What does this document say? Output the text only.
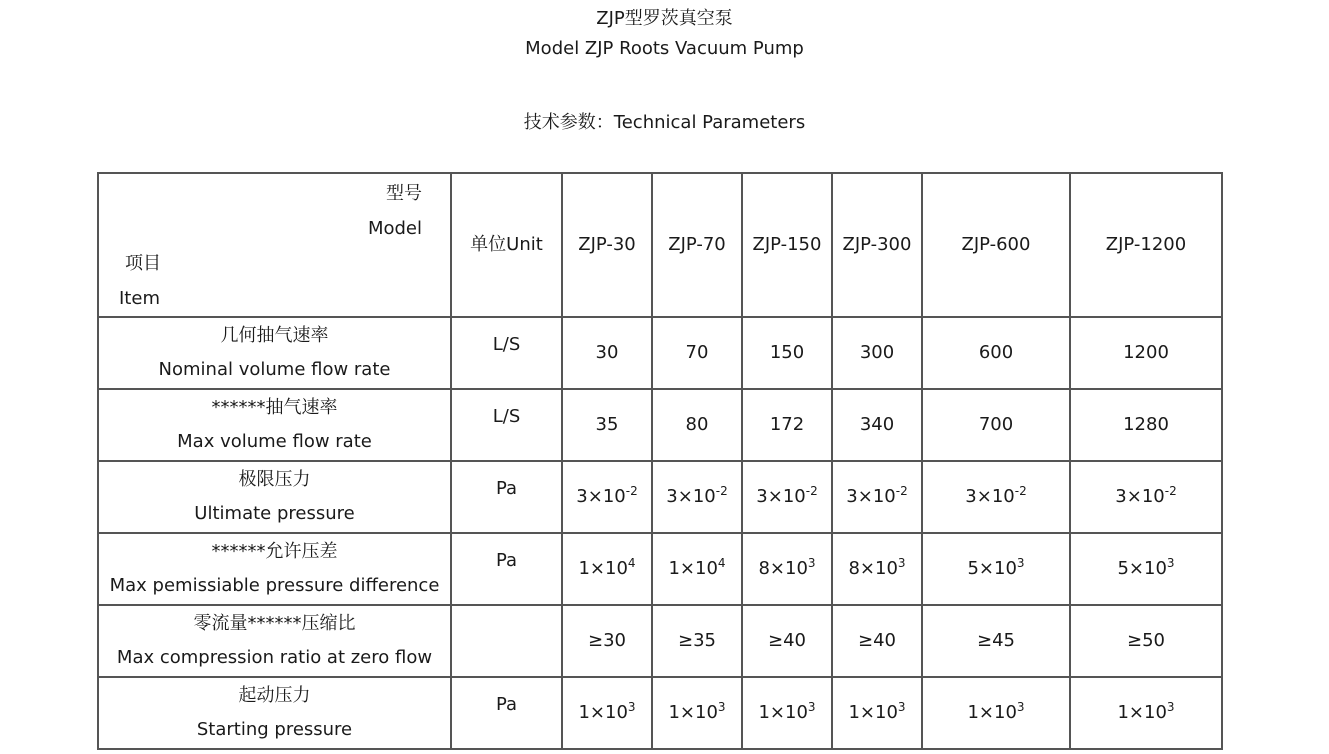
ZJP型罗茨真空泵
Model ZJP Roots Vacuum Pump
技术参数：Technical Parameters
型号
Model
项目
Item	单位Unit	ZJP-30	ZJP-70	ZJP-150	ZJP-300	ZJP-600	ZJP-1200

几何抽气速率
Nominal volume flow rate	L/S	30	70	150	300	600	1200

******抽气速率
Max volume flow rate	L/S	35	80	172	340	700	1280

极限压力
Ultimate pressure	Pa	$3\times 10^{-2}$	$3\times 10^{-2}$	$3\times 10^{-2}$	$3\times 10^{-2}$	$3\times 10^{-2}$	$3\times 10^{-2}$

******允许压差
Max pemissiable pressure difference	Pa	$1\times 10^4$	$1\times 10^4$	$8\times 10^3$	$8\times 10^3$	$5\times 10^3$	$5\times 10^3$

零流量******压缩比
Max compression ratio at zero flow		≥30	≥35	≥40	≥40	≥45	≥50

起动压力
Starting pressure	Pa	$1\times 10^3$	$1\times 10^3$	$1\times 10^3$	$1\times 10^3$	$1\times 10^3$	$1\times 10^3$
